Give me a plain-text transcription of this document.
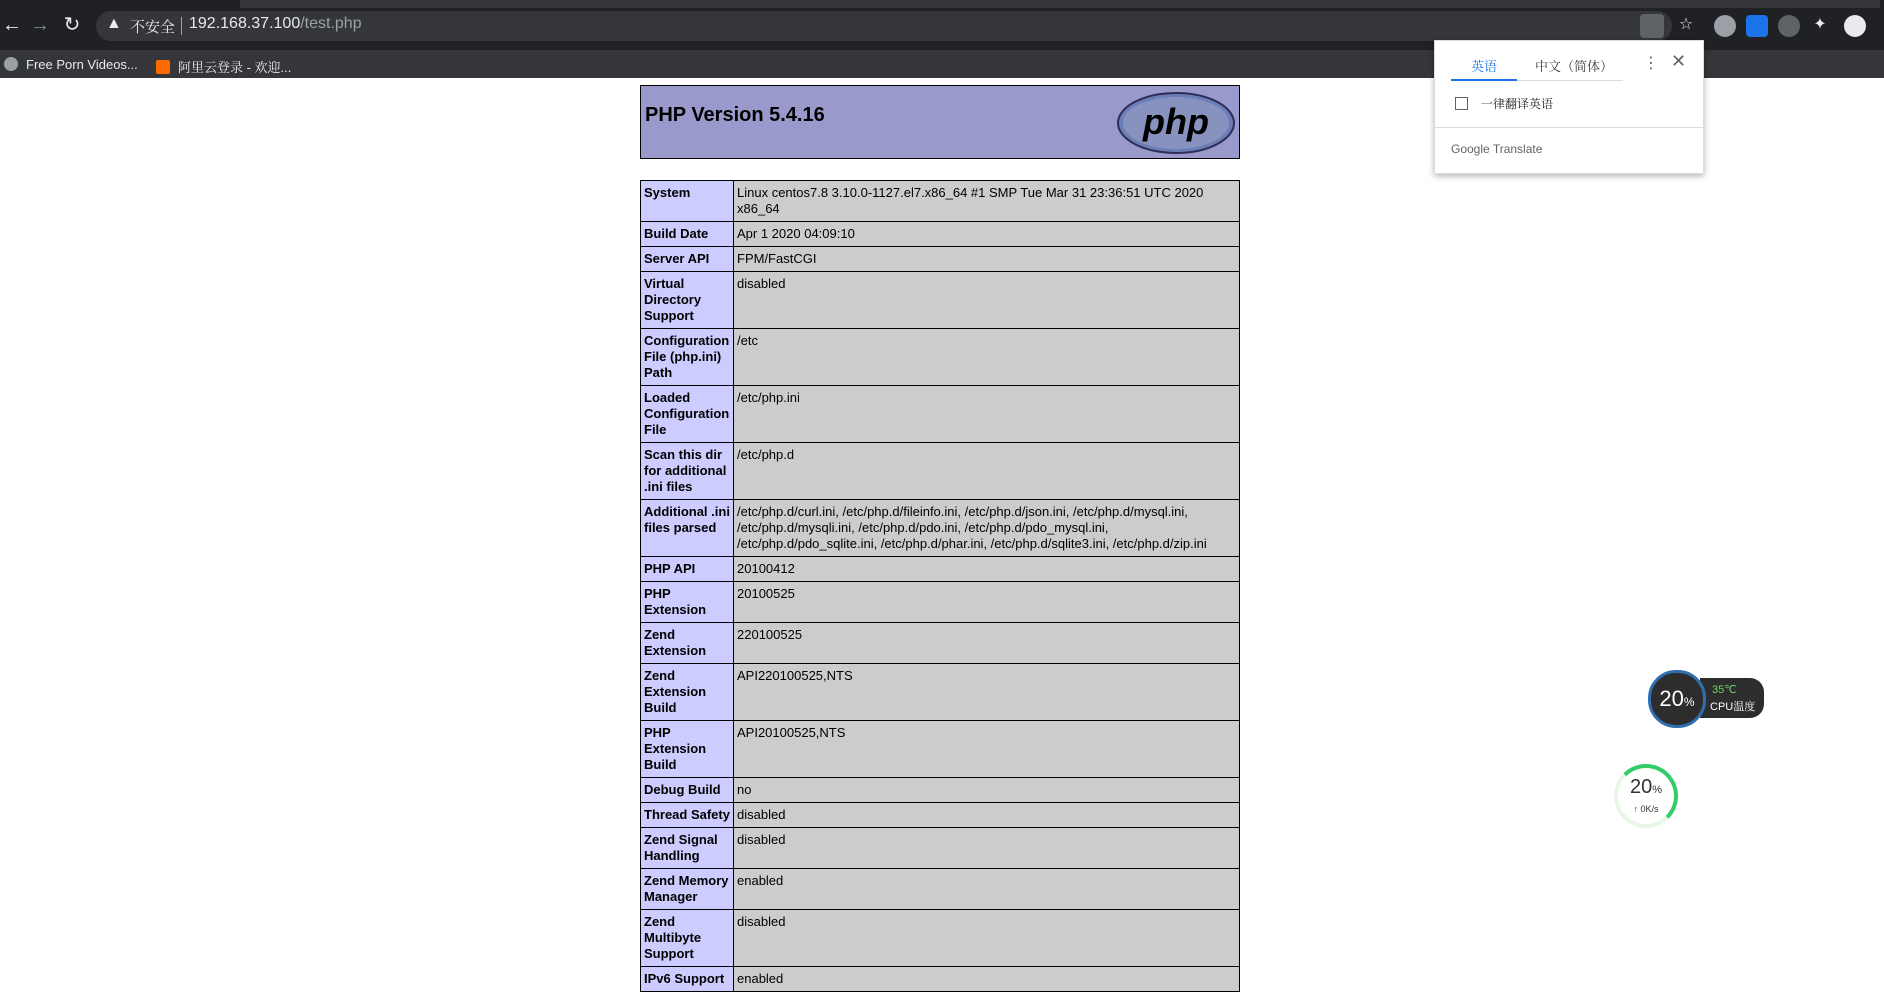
← → ↻ ▲ 不安全 192.168.37.100/test.php	☆	✦
Free Porn Videos...	阿里云登录 - 欢迎...
PHP Version 5.4.16	php
System	Linux centos7.8 3.10.0-1127.el7.x86_64 #1 SMP Tue Mar 31 23:36:51 UTC 2020 x86_64
Build Date	Apr 1 2020 04:09:10
Server API	FPM/FastCGI
Virtual Directory Support	disabled
Configuration File (php.ini) Path	/etc
Loaded Configuration File	/etc/php.ini
Scan this dir for additional .ini files	/etc/php.d
Additional .ini files parsed	/etc/php.d/curl.ini, /etc/php.d/fileinfo.ini, /etc/php.d/json.ini, /etc/php.d/mysql.ini, /etc/php.d/mysqli.ini, /etc/php.d/pdo.ini, /etc/php.d/pdo_mysql.ini, /etc/php.d/pdo_sqlite.ini, /etc/php.d/phar.ini, /etc/php.d/sqlite3.ini, /etc/php.d/zip.ini
PHP API	20100412
PHP Extension	20100525
Zend Extension	220100525
Zend Extension Build	API220100525,NTS
PHP Extension Build	API20100525,NTS
Debug Build	no
Thread Safety	disabled
Zend Signal Handling	disabled
Zend Memory Manager	enabled
Zend Multibyte Support	disabled
IPv6 Support	enabled
英语	中文（简体） ⋮ ✕
一律翻译英语
Google Translate
20%
35℃
CPU温度
20%
↑ 0K/s
